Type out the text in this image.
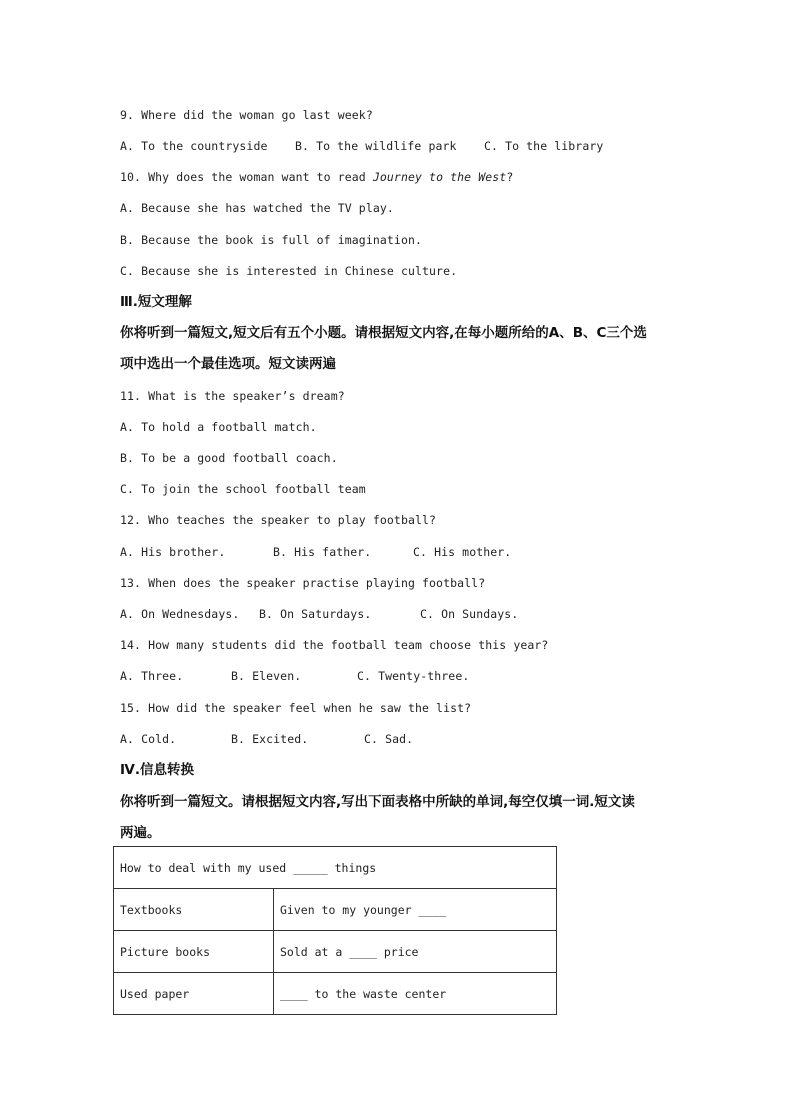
9. Where did the woman go last week?
A. To the countryside B. To the wildlife park C. To the library
10. Why does the woman want to read Journey to the West?
A. Because she has watched the TV play.
B. Because the book is full of imagination.
C. Because she is interested in Chinese culture.
Ⅲ.短文理解
你将听到一篇短文,短文后有五个小题。请根据短文内容,在每小题所给的A、B、C三个选
项中选出一个最佳选项。短文读两遍
11. What is the speaker’s dream?
A. To hold a football match.
B. To be a good football coach.
C. To join the school football team
12. Who teaches the speaker to play football?
A. His brother.	B. His father.	C. His mother.
13. When does the speaker practise playing football?
A. On Wednesdays. B. On Saturdays.	C. On Sundays.
14. How many students did the football team choose this year?
A. Three.	B. Eleven.	C. Twenty-three.
15. How did the speaker feel when he saw the list?
A. Cold.	B. Excited.	C. Sad.
Ⅳ.信息转换
你将听到一篇短文。请根据短文内容,写出下面表格中所缺的单词,每空仅填一词.短文读
两遍。
How to deal with my used _____ things	
Textbooks	Given to my younger ____
Picture books	Sold at a ____ price
Used paper	____ to the waste center
